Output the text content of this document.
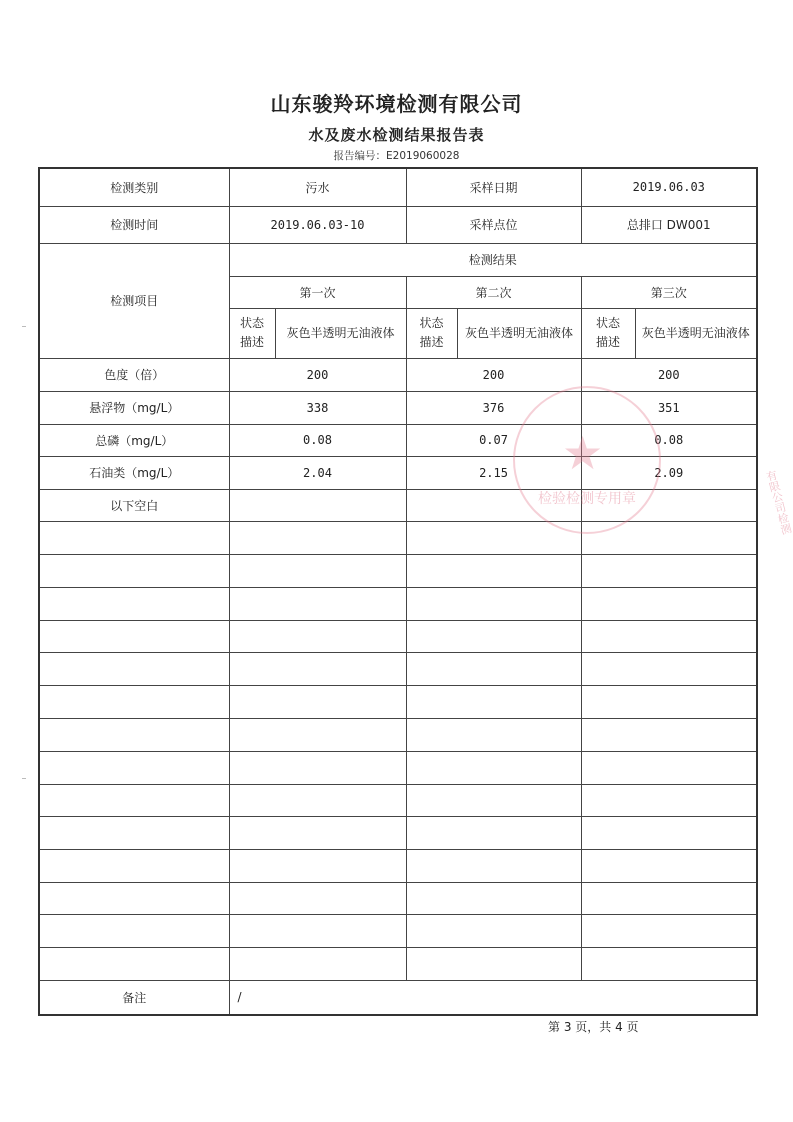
山东骏羚环境检测有限公司
水及废水检测结果报告表
报告编号：E2019060028
检测类别	污水		采样日期		2019.06.03	
检测时间	2019.06.03-10		采样点位		总排口 DW001	
检测项目	检测结果					
	第一次		第二次		第三次	

	状态描述	灰色半透明无油液体	状态描述	灰色半透明无油液体	状态描述	灰色半透明无油液体

色度（倍）	200		200		200	
悬浮物（mg/L）	338		376		351	
总磷（mg/L）	0.08		0.07		0.08	
石油类（mg/L）	2.04		2.15		2.09	
以下空白						

备注	/					
★
检验检测专用章	有限公司检测
第 3 页，共 4 页
